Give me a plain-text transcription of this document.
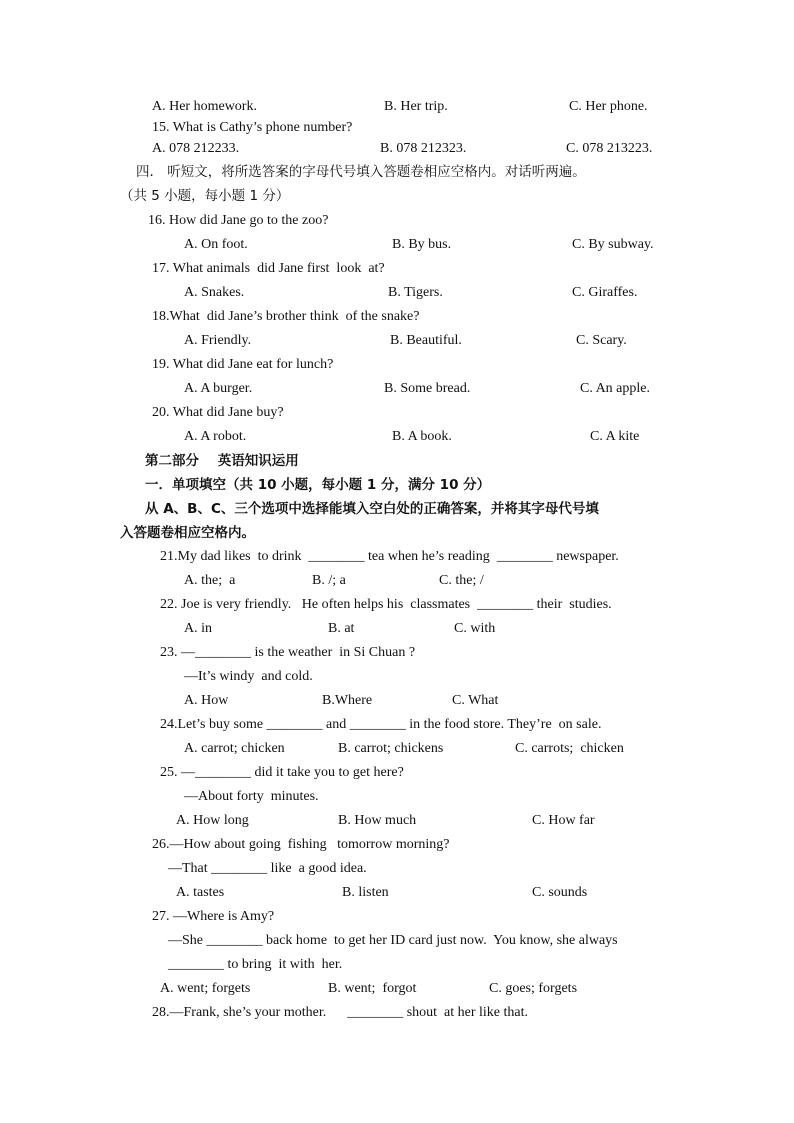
A. Her homework.	B. Her trip.	C. Her phone.
15. What is Cathy’s phone number?
A. 078 212233.	B. 078 212323.	C. 078 213223.
四． 听短文，将所选答案的字母代号填入答题卷相应空格内。对话听两遍。
（共 5 小题，每小题 1 分）
16. How did Jane go to the zoo?
A. On foot.	B. By bus.	C. By subway.
17. What animals  did Jane first  look  at?
A. Snakes.	B. Tigers.	C. Giraffes.
18.What  did Jane’s brother think  of the snake?
A. Friendly.	B. Beautiful.	C. Scary.
19. What did Jane eat for lunch?
A. A burger.	B. Some bread.	C. An apple.
20. What did Jane buy?
A. A robot.	B. A book.	C. A kite
第二部分    英语知识运用
一．单项填空（共 10 小题，每小题 1 分，满分 10 分）
从 A、B、C、三个选项中选择能填入空白处的正确答案，并将其字母代号填
入答题卷相应空格内。
21.My dad likes  to drink  ________ tea when he’s reading  ________ newspaper.
A. the;  a	B. /; a	C. the; /
22. Joe is very friendly.   He often helps his  classmates  ________ their  studies.
A. in	B. at	C. with
23. —________ is the weather  in Si Chuan ?
—It’s windy  and cold.
A. How	B.Where	C. What
24.Let’s buy some ________ and ________ in the food store. They’re  on sale.
A. carrot; chicken	B. carrot; chickens	C. carrots;  chicken
25. —________ did it take you to get here?
—About forty  minutes.
A. How long	B. How much	C. How far
26.—How about going  fishing   tomorrow morning?
—That ________ like  a good idea.
A. tastes	B. listen	C. sounds
27. —Where is Amy?
—She ________ back home  to get her ID card just now.  You know, she always
________ to bring  it with  her.
A. went; forgets	B. went;  forgot	C. goes; forgets
28.—Frank, she’s your mother.      ________ shout  at her like that.
